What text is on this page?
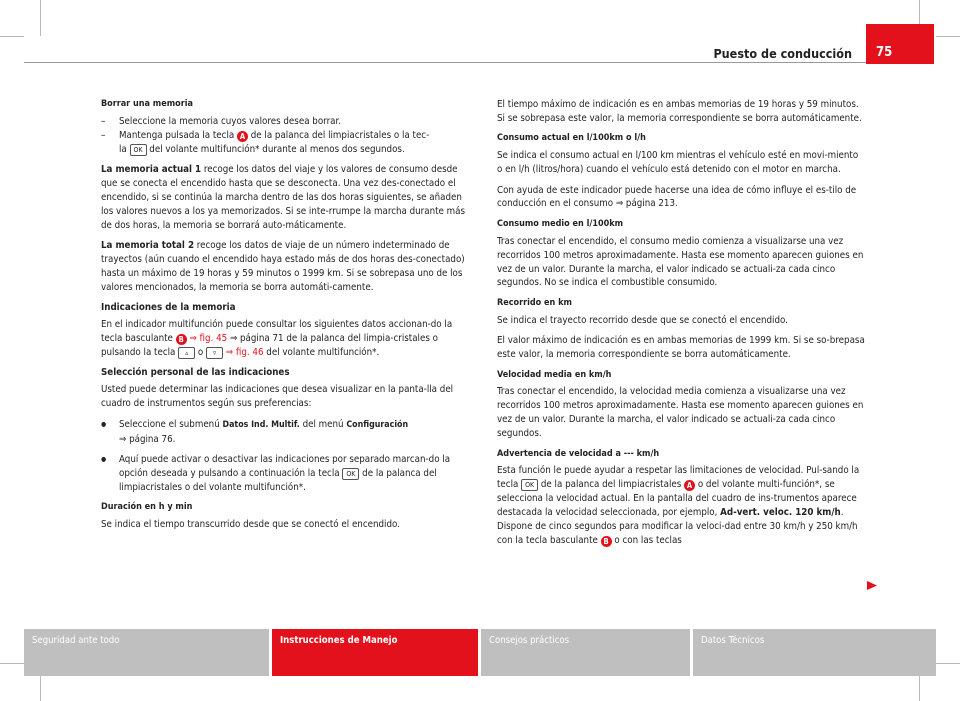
Puesto de conducción	75

Borrar una memoria

– Seleccione la memoria cuyos valores desea borrar.

– Mantenga pulsada la tecla A de la palanca del limpiacristales o la tec-
la OK del volante multifunción* durante al menos dos segundos.

La memoria actual 1 recoge los datos del viaje y los valores de consumo desde que se conecta el encendido hasta que se desconecta. Una vez des-conectado el encendido, si se continúa la marcha dentro de las dos horas siguientes, se añaden los valores nuevos a los ya memorizados. Si se inte-rrumpe la marcha durante más de dos horas, la memoria se borrará auto-máticamente.

La memoria total 2 recoge los datos de viaje de un número indeterminado de trayectos (aún cuando el encendido haya estado más de dos horas des-conectado) hasta un máximo de 19 horas y 59 minutos o 1999 km. Si se sobrepasa uno de los valores mencionados, la memoria se borra automáti-camente.

Indicaciones de la memoria

En el indicador multifunción puede consultar los siguientes datos accionan-do la tecla basculante B ⇒ fig. 45 ⇒ página 71 de la palanca del limpia-cristales o pulsando la tecla ▵ o ▿ ⇒ fig. 46 del volante multifunción*.

Selección personal de las indicaciones

Usted puede determinar las indicaciones que desea visualizar en la panta-lla del cuadro de instrumentos según sus preferencias:

● Seleccione el submenú Datos Ind. Multif. del menú Configuración
⇒ página 76.

● Aquí puede activar o desactivar las indicaciones por separado marcan-do la opción deseada y pulsando a continuación la tecla OK de la palanca del limpiacristales o del volante multifunción*.

Duración en h y min

Se indica el tiempo transcurrido desde que se conectó el encendido.

El tiempo máximo de indicación es en ambas memorias de 19 horas y 59 minutos. Si se sobrepasa este valor, la memoria correspondiente se borra automáticamente.

Consumo actual en l/100km o l/h

Se indica el consumo actual en l/100 km mientras el vehículo esté en movi-miento o en l/h (litros/hora) cuando el vehículo está detenido con el motor en marcha.

Con ayuda de este indicador puede hacerse una idea de cómo influye el es-tilo de conducción en el consumo ⇒ página 213.

Consumo medio en l/100km

Tras conectar el encendido, el consumo medio comienza a visualizarse una vez recorridos 100 metros aproximadamente. Hasta ese momento aparecen guiones en vez de un valor. Durante la marcha, el valor indicado se actuali-za cada cinco segundos. No se indica el combustible consumido.

Recorrido en km

Se indica el trayecto recorrido desde que se conectó el encendido.

El valor máximo de indicación es en ambas memorias de 1999 km. Si se so-brepasa este valor, la memoria correspondiente se borra automáticamente.

Velocidad media en km/h

Tras conectar el encendido, la velocidad media comienza a visualizarse una vez recorridos 100 metros aproximadamente. Hasta ese momento aparecen guiones en vez de un valor. Durante la marcha, el valor indicado se actuali-za cada cinco segundos.

Advertencia de velocidad a --- km/h

Esta función le puede ayudar a respetar las limitaciones de velocidad. Pul-sando la tecla OK de la palanca del limpiacristales A o del volante multi-función*, se selecciona la velocidad actual. En la pantalla del cuadro de ins-trumentos aparece destacada la velocidad seleccionada, por ejemplo, Ad-vert. veloc. 120 km/h. Dispone de cinco segundos para modificar la veloci-dad entre 30 km/h y 250 km/h con la tecla basculante B o con las teclas

Seguridad ante todo	Instrucciones de Manejo	Consejos prácticos	Datos Técnicos
